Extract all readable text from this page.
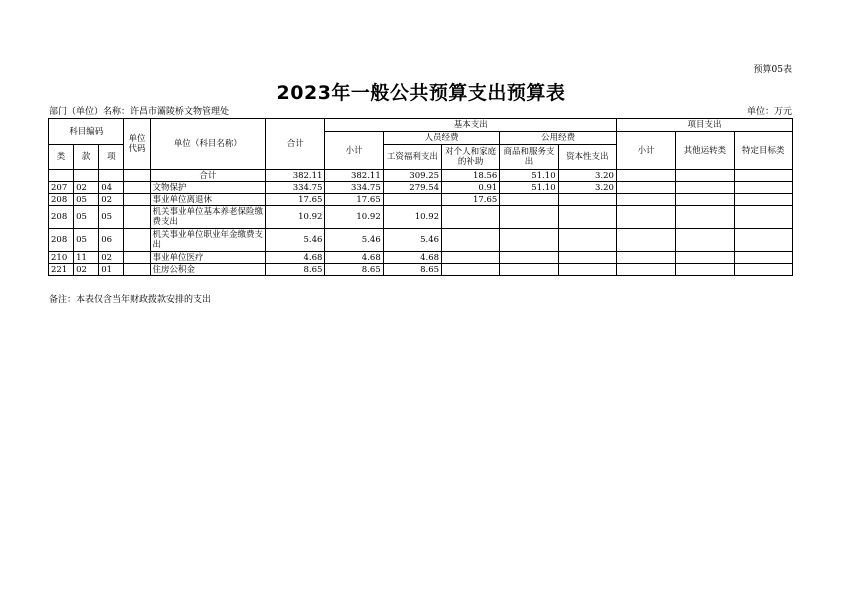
预算05表
2023年一般公共预算支出预算表
部门（单位）名称：许昌市灞陵桥文物管理处	单位：万元
科目编码			单位代码	单位（科目名称）	合计	基本支出					项目支出		
						小计	人员经费		公用经费		小计	其他运转类	特定目标类
类	款	项					工资福利支出	对个人和家庭的补助	商品和服务支出	资本性支出			
				合计	382.11	382.11	309.25	18.56	51.10	3.20			
207	02	04		文物保护	334.75	334.75	279.54	0.91	51.10	3.20			
208	05	02		事业单位离退休	17.65	17.65		17.65					
208	05	05		机关事业单位基本养老保险缴费支出	10.92	10.92	10.92						
208	05	06		机关事业单位职业年金缴费支出	5.46	5.46	5.46						
210	11	02		事业单位医疗	4.68	4.68	4.68						
221	02	01		住房公积金	8.65	8.65	8.65						
备注：本表仅含当年财政拨款安排的支出
